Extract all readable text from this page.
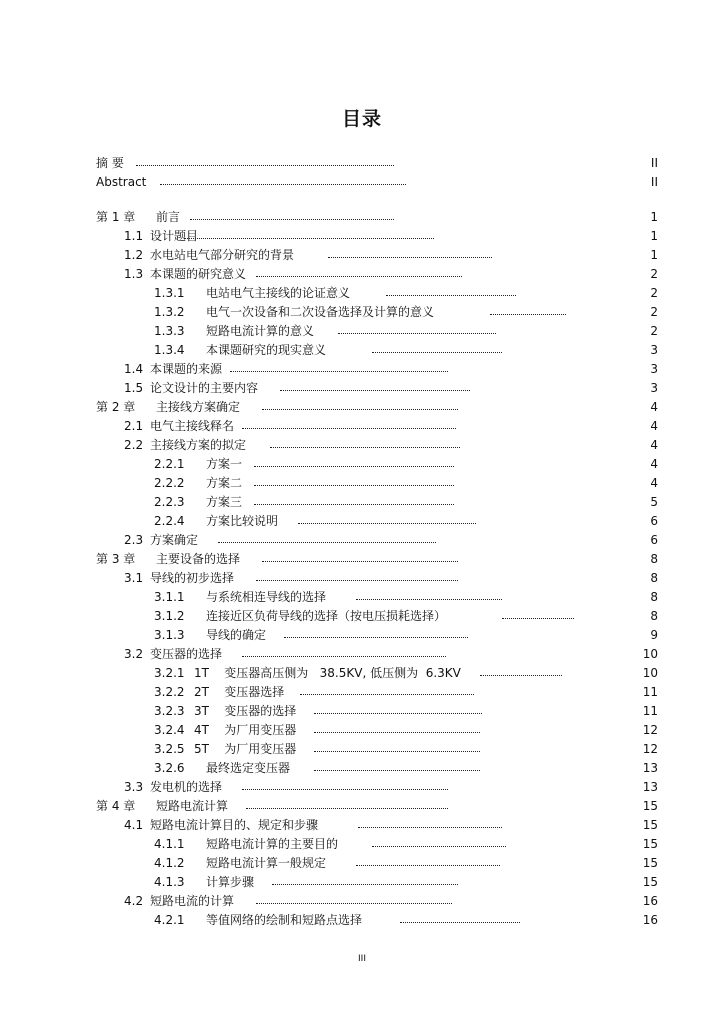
目录
摘 要	II
Abstract	II
第 1 章 前言	1
1.1 设计题目	1
1.2 水电站电气部分研究的背景	1
1.3 本课题的研究意义	2
1.3.1 电站电气主接线的论证意义	2
1.3.2 电气一次设备和二次设备选择及计算的意义	2
1.3.3 短路电流计算的意义	2
1.3.4 本课题研究的现实意义	3
1.4 本课题的来源	3
1.5 论文设计的主要内容	3
第 2 章 主接线方案确定	4
2.1 电气主接线释名	4
2.2 主接线方案的拟定	4
2.2.1 方案一	4
2.2.2 方案二	4
2.2.3 方案三	5
2.2.4 方案比较说明	6
2.3 方案确定	6
第 3 章 主要设备的选择	8
3.1 导线的初步选择	8
3.1.1 与系统相连导线的选择	8
3.1.2 连接近区负荷导线的选择（按电压损耗选择）	8
3.1.3 导线的确定	9
3.2 变压器的选择	10
3.2.1 1T    变压器高压侧为   38.5KV, 低压侧为  6.3KV	10
3.2.2 2T    变压器选择	11
3.2.3 3T    变压器的选择	11
3.2.4 4T    为厂用变压器	12
3.2.5 5T    为厂用变压器	12
3.2.6 最终选定变压器	13
3.3 发电机的选择	13
第 4 章 短路电流计算	15
4.1 短路电流计算目的、规定和步骤	15
4.1.1 短路电流计算的主要目的	15
4.1.2 短路电流计算一般规定	15
4.1.3 计算步骤	15
4.2 短路电流的计算	16
4.2.1 等值网络的绘制和短路点选择	16
III
